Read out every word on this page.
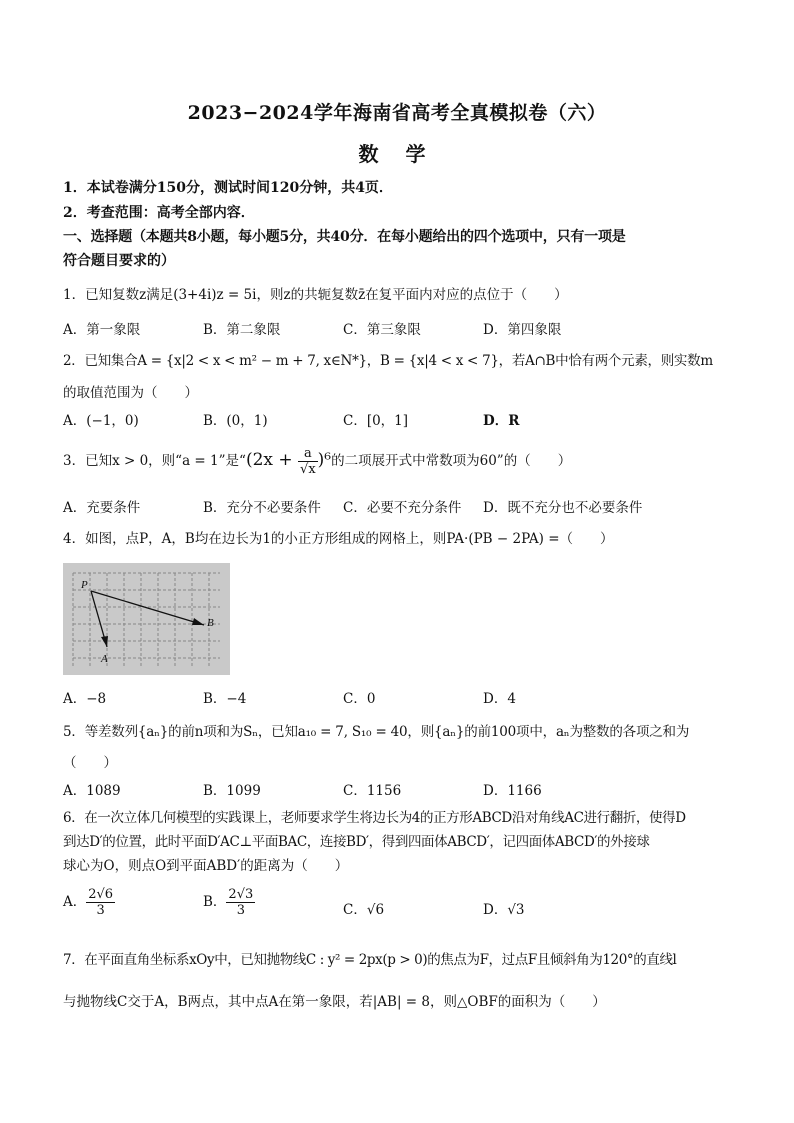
2023−2024学年海南省高考全真模拟卷（六）
数 学
1．本试卷满分150分，测试时间120分钟，共4页．
2．考查范围：高考全部内容．
一、选择题（本题共8小题，每小题5分，共40分．在每小题给出的四个选项中，只有一项是
符合题目要求的）
1．已知复数z满足(3+4i)z = 5i，则z的共轭复数z̄在复平面内对应的点位于（　　）
A．第一象限	B．第二象限	C．第三象限	D．第四象限
2．已知集合A = {x|2 < x < m² − m + 7, x∈N*}，B = {x|4 < x < 7}，若A∩B中恰有两个元素，则实数m
的取值范围为（　　）
A．(−1，0)	B．(0，1)	C．[0，1]	D．R
3．已知x > 0，则“a = 1”是“$(2x + \frac{a}{√x} )^6$的二项展开式中常数项为60”的（　　）
A．充要条件	B．充分不必要条件 C．必要不充分条件 D．既不充分也不必要条件
4．如图，点P，A，B均在边长为1的小正方形组成的网格上，则PA·(PB − 2PA) =（　　）
P
A
B
A．−8	B．−4	C．0	D．4
5．等差数列{aₙ}的前n项和为Sₙ，已知a₁₀ = 7, S₁₀ = 40，则{aₙ}的前100项中，aₙ为整数的各项之和为
（　　）
A．1089	B．1099	C．1156	D．1166
6．在一次立体几何模型的实践课上，老师要求学生将边长为4的正方形ABCD沿对角线AC进行翻折，使得D
到达D′的位置，此时平面D′AC⊥平面BAC，连接BD′，得到四面体ABCD′，记四面体ABCD′的外接球
球心为O，则点O到平面ABD′的距离为（　　）
A． $\frac{2√6}{3}$	B． $\frac{2√3}{3}$	C．√6	D．√3
7．在平面直角坐标系xOy中，已知抛物线C : y² = 2px(p > 0)的焦点为F，过点F且倾斜角为120°的直线l
与抛物线C交于A，B两点，其中点A在第一象限，若|AB| = 8，则△OBF的面积为（　　）
